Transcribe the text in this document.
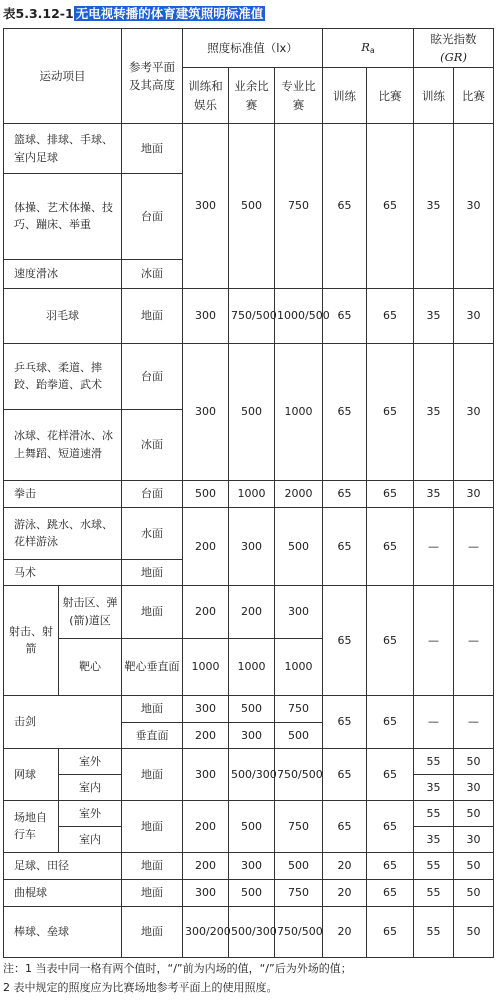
表5.3.12-1 无电视转播的体育建筑照明标准值
运动项目		参考平面及其高度	照度标准值（lx）			$R_a$		眩光指数
(GR)	
			训练和娱乐	业余比赛	专业比赛	训练	比赛	训练	比赛
篮球、排球、手球、室内足球		地面	300	500	750	65	65	35	30
体操、艺术体操、技巧、蹦床、举重		台面							
速度滑冰		冰面							
羽毛球		地面	300	750/500	1000/500	65	65	35	30
乒乓球、柔道、摔跤、跆拳道、武术		台面	300	500	1000	65	65	35	30
冰球、花样滑冰、冰上舞蹈、短道速滑		冰面							
拳击		台面	500	1000	2000	65	65	35	30
游泳、跳水、水球、花样游泳		水面	200	300	500	65	65	—	—
马术		地面							
射击、射箭	射击区、弹(箭)道区	地面	200	200	300	65	65	—	—
	靶心	靶心垂直面	1000	1000	1000				
击剑		地面	300	500	750	65	65	—	—
		垂直面	200	300	500				
网球	室外	地面	300	500/300	750/500	65	65	55	50
	室内							35	30
场地自行车	室外	地面	200	500	750	65	65	55	50
	室内							35	30
足球、田径		地面	200	300	500	20	65	55	50
曲棍球		地面	300	500	750	20	65	55	50
棒球、垒球		地面	300/200	500/300	750/500	20	65	55	50
注：1 当表中同一格有两个值时，“/”前为内场的值，“/”后为外场的值；
2 表中规定的照度应为比赛场地参考平面上的使用照度。
